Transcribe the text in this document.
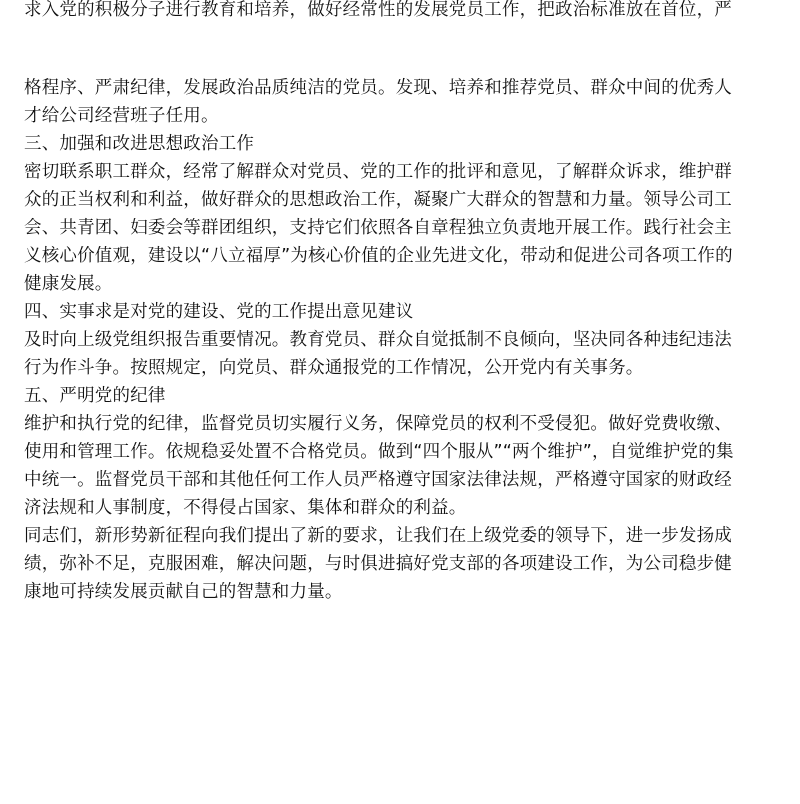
求入党的积极分子进行教育和培养，做好经常性的发展党员工作，把政治标准放在首位，严
格程序、严肃纪律，发展政治品质纯洁的党员。发现、培养和推荐党员、群众中间的优秀人
才给公司经营班子任用。
三、加强和改进思想政治工作
密切联系职工群众，经常了解群众对党员、党的工作的批评和意见，了解群众诉求，维护群
众的正当权利和利益，做好群众的思想政治工作，凝聚广大群众的智慧和力量。领导公司工
会、共青团、妇委会等群团组织，支持它们依照各自章程独立负责地开展工作。践行社会主
义核心价值观，建设以“八立福厚”为核心价值的企业先进文化，带动和促进公司各项工作的
健康发展。
四、实事求是对党的建设、党的工作提出意见建议
及时向上级党组织报告重要情况。教育党员、群众自觉抵制不良倾向，坚决同各种违纪违法
行为作斗争。按照规定，向党员、群众通报党的工作情况，公开党内有关事务。
五、严明党的纪律
维护和执行党的纪律，监督党员切实履行义务，保障党员的权利不受侵犯。做好党费收缴、
使用和管理工作。依规稳妥处置不合格党员。做到“四个服从”“两个维护”，自觉维护党的集
中统一。监督党员干部和其他任何工作人员严格遵守国家法律法规，严格遵守国家的财政经
济法规和人事制度，不得侵占国家、集体和群众的利益。
同志们，新形势新征程向我们提出了新的要求，让我们在上级党委的领导下，进一步发扬成
绩，弥补不足，克服困难，解决问题，与时俱进搞好党支部的各项建设工作，为公司稳步健
康地可持续发展贡献自己的智慧和力量。
